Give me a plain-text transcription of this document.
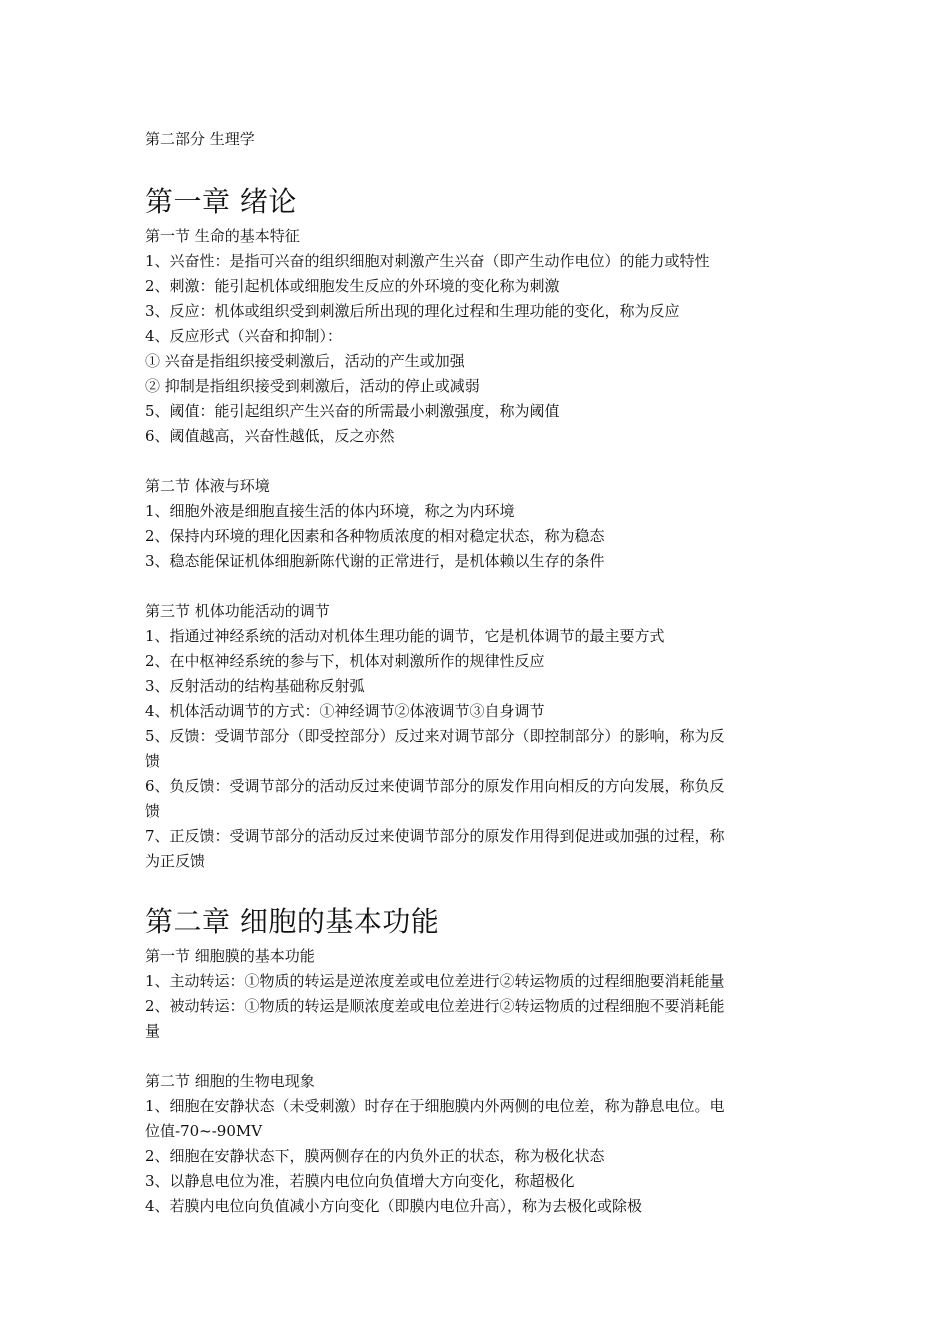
第二部分 生理学
第一章 绪论
第一节 生命的基本特征

1、兴奋性：是指可兴奋的组织细胞对刺激产生兴奋（即产生动作电位）的能力或特性

2、刺激：能引起机体或细胞发生反应的外环境的变化称为刺激

3、反应：机体或组织受到刺激后所出现的理化过程和生理功能的变化，称为反应

4、反应形式（兴奋和抑制）：

① 兴奋是指组织接受刺激后，活动的产生或加强

② 抑制是指组织接受到刺激后，活动的停止或减弱

5、阈值：能引起组织产生兴奋的所需最小刺激强度，称为阈值

6、阈值越高，兴奋性越低，反之亦然

第二节 体液与环境

1、细胞外液是细胞直接生活的体内环境，称之为内环境

2、保持内环境的理化因素和各种物质浓度的相对稳定状态，称为稳态

3、稳态能保证机体细胞新陈代谢的正常进行，是机体赖以生存的条件

第三节 机体功能活动的调节

1、指通过神经系统的活动对机体生理功能的调节，它是机体调节的最主要方式

2、在中枢神经系统的参与下，机体对刺激所作的规律性反应

3、反射活动的结构基础称反射弧

4、机体活动调节的方式：①神经调节②体液调节③自身调节

5、反馈：受调节部分（即受控部分）反过来对调节部分（即控制部分）的影响，称为反

馈

6、负反馈：受调节部分的活动反过来使调节部分的原发作用向相反的方向发展，称负反

馈

7、正反馈：受调节部分的活动反过来使调节部分的原发作用得到促进或加强的过程，称

为正反馈

第二章 细胞的基本功能
第一节 细胞膜的基本功能

1、主动转运：①物质的转运是逆浓度差或电位差进行②转运物质的过程细胞要消耗能量

2、被动转运：①物质的转运是顺浓度差或电位差进行②转运物质的过程细胞不要消耗能

量

第二节 细胞的生物电现象

1、细胞在安静状态（未受刺激）时存在于细胞膜内外两侧的电位差，称为静息电位。电

位值-70~-90MV

2、细胞在安静状态下，膜两侧存在的内负外正的状态，称为极化状态

3、以静息电位为准，若膜内电位向负值增大方向变化，称超极化

4、若膜内电位向负值减小方向变化（即膜内电位升高），称为去极化或除极
